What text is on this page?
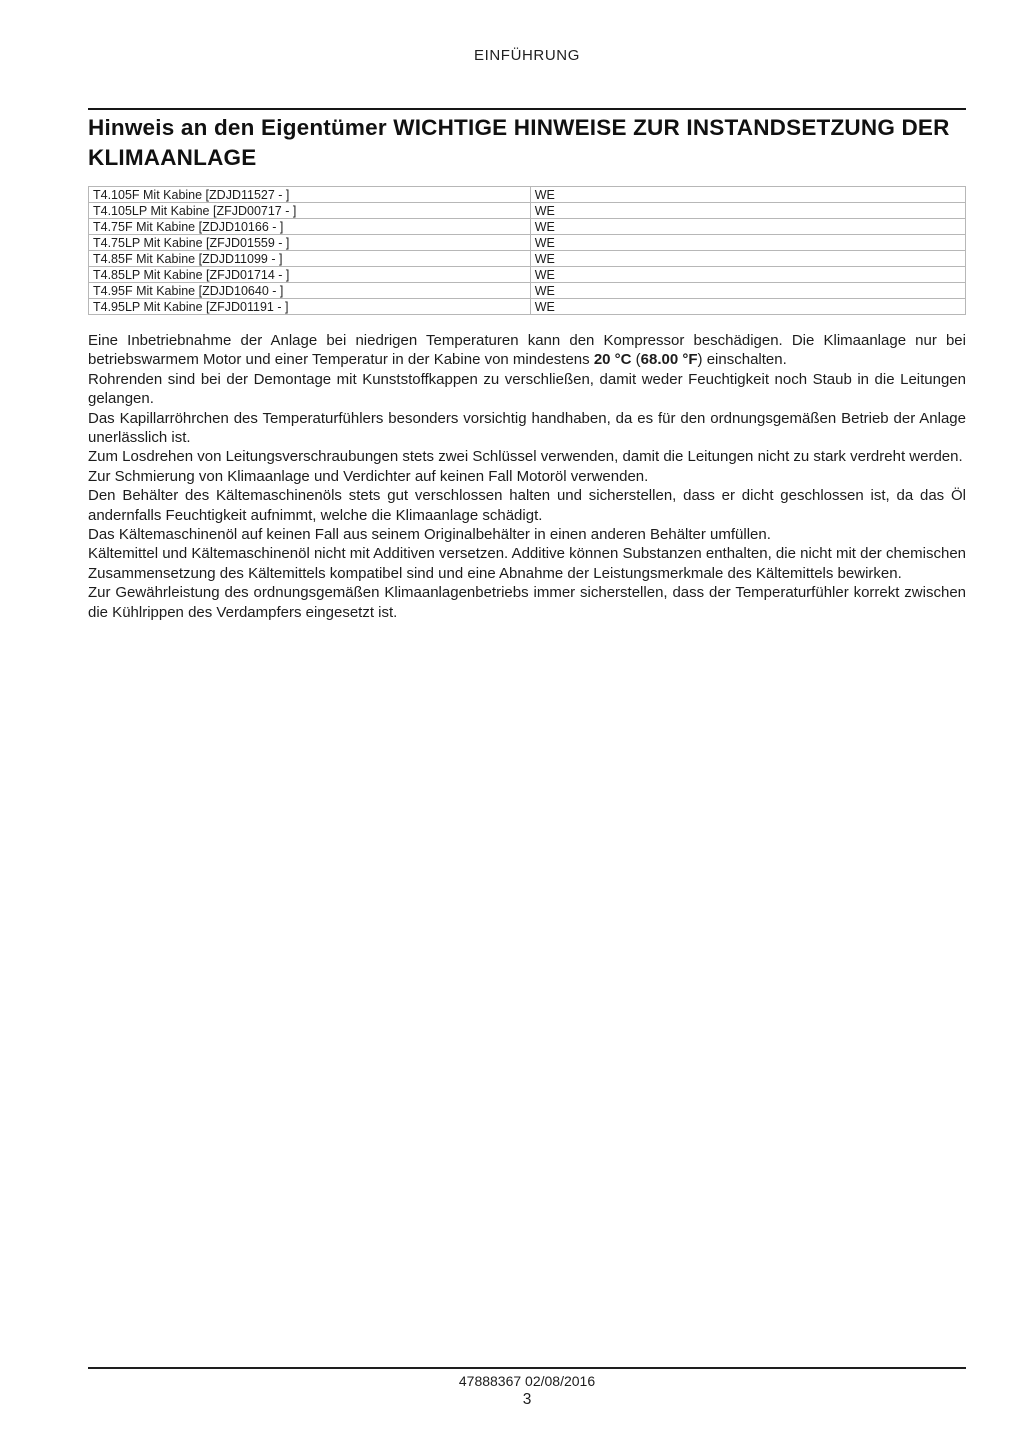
EINFÜHRUNG
Hinweis an den Eigentümer WICHTIGE HINWEISE ZUR INSTANDSETZUNG DER KLIMAANLAGE
T4.105F Mit Kabine [ZDJD11527 - ]	WE
T4.105LP Mit Kabine [ZFJD00717 - ]	WE
T4.75F Mit Kabine [ZDJD10166 - ]	WE
T4.75LP Mit Kabine [ZFJD01559 - ]	WE
T4.85F Mit Kabine [ZDJD11099 - ]	WE
T4.85LP Mit Kabine [ZFJD01714 - ]	WE
T4.95F Mit Kabine [ZDJD10640 - ]	WE
T4.95LP Mit Kabine [ZFJD01191 - ]	WE

Eine Inbetriebnahme der Anlage bei niedrigen Temperaturen kann den Kompressor beschädigen. Die Klimaanlage nur bei betriebswarmem Motor und einer Temperatur in der Kabine von mindestens 20 °C (68.00 °F) einschalten.

Rohrenden sind bei der Demontage mit Kunststoffkappen zu verschließen, damit weder Feuchtigkeit noch Staub in die Leitungen gelangen.

Das Kapillarröhrchen des Temperaturfühlers besonders vorsichtig handhaben, da es für den ordnungsgemäßen Betrieb der Anlage unerlässlich ist.

Zum Losdrehen von Leitungsverschraubungen stets zwei Schlüssel verwenden, damit die Leitungen nicht zu stark verdreht werden.

Zur Schmierung von Klimaanlage und Verdichter auf keinen Fall Motoröl verwenden.

Den Behälter des Kältemaschinenöls stets gut verschlossen halten und sicherstellen, dass er dicht geschlossen ist, da das Öl andernfalls Feuchtigkeit aufnimmt, welche die Klimaanlage schädigt.

Das Kältemaschinenöl auf keinen Fall aus seinem Originalbehälter in einen anderen Behälter umfüllen.

Kältemittel und Kältemaschinenöl nicht mit Additiven versetzen. Additive können Substanzen enthalten, die nicht mit der chemischen Zusammensetzung des Kältemittels kompatibel sind und eine Abnahme der Leistungsmerkmale des Kältemittels bewirken.

Zur Gewährleistung des ordnungsgemäßen Klimaanlagenbetriebs immer sicherstellen, dass der Temperaturfühler korrekt zwischen die Kühlrippen des Verdampfers eingesetzt ist.

47888367 02/08/2016
3
